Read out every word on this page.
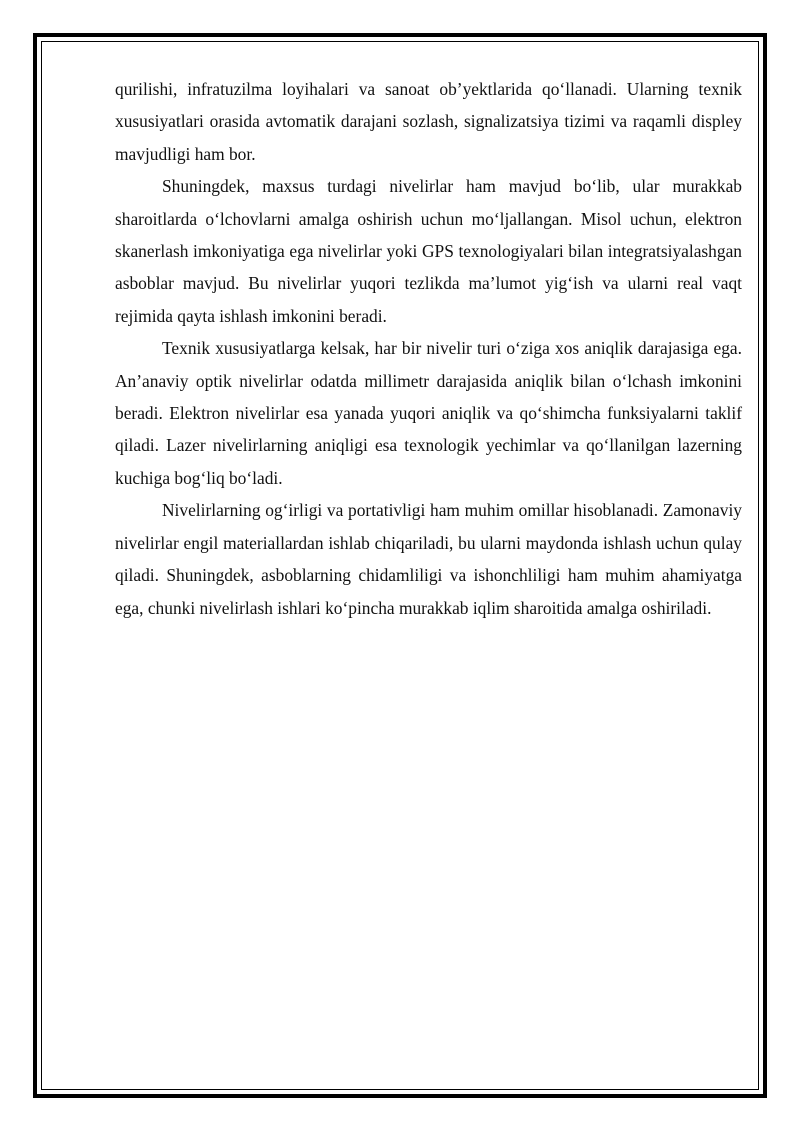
qurilishi, infratuzilma loyihalari va sanoat ob’yektlarida qo‘llanadi. Ularning texnik xususiyatlari orasida avtomatik darajani sozlash, signalizatsiya tizimi va raqamli displey mavjudligi ham bor.

Shuningdek, maxsus turdagi nivelirlar ham mavjud bo‘lib, ular murakkab sharoitlarda o‘lchovlarni amalga oshirish uchun mo‘ljallangan. Misol uchun, elektron skanerlash imkoniyatiga ega nivelirlar yoki GPS texnologiyalari bilan integratsiyalashgan asboblar mavjud. Bu nivelirlar yuqori tezlikda ma’lumot yig‘ish va ularni real vaqt rejimida qayta ishlash imkonini beradi.

Texnik xususiyatlarga kelsak, har bir nivelir turi o‘ziga xos aniqlik darajasiga ega. An’anaviy optik nivelirlar odatda millimetr darajasida aniqlik bilan o‘lchash imkonini beradi. Elektron nivelirlar esa yanada yuqori aniqlik va qo‘shimcha funksiyalarni taklif qiladi. Lazer nivelirlarning aniqligi esa texnologik yechimlar va qo‘llanilgan lazerning kuchiga bog‘liq bo‘ladi.

Nivelirlarning og‘irligi va portativligi ham muhim omillar hisoblanadi. Zamonaviy nivelirlar engil materiallardan ishlab chiqariladi, bu ularni maydonda ishlash uchun qulay qiladi. Shuningdek, asboblarning chidamliligi va ishonchliligi ham muhim ahamiyatga ega, chunki nivelirlash ishlari ko‘pincha murakkab iqlim sharoitida amalga oshiriladi.
